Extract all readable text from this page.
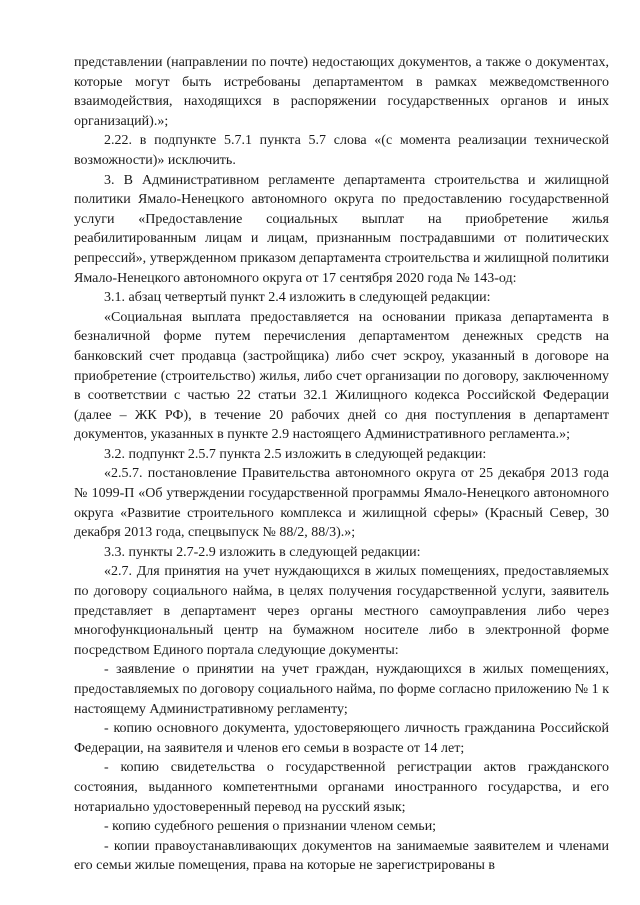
представлении (направлении по почте) недостающих документов, а также о документах, которые могут быть истребованы департаментом в рамках межведомственного взаимодействия, находящихся в распоряжении государственных органов и иных организаций).»;

2.22. в подпункте 5.7.1 пункта 5.7 слова «(с момента реализации технической возможности)» исключить.

3. В Административном регламенте департамента строительства и жилищной политики Ямало-Ненецкого автономного округа по предоставлению государственной услуги «Предоставление социальных выплат на приобретение жилья реабилитированным лицам и лицам, признанным пострадавшими от политических репрессий», утвержденном приказом департамента строительства и жилищной политики Ямало-Ненецкого автономного округа от 17 сентября 2020 года № 143-од:

3.1. абзац четвертый пункт 2.4 изложить в следующей редакции:

«Социальная выплата предоставляется на основании приказа департамента в безналичной форме путем перечисления департаментом денежных средств на банковский счет продавца (застройщика) либо счет эскроу, указанный в договоре на приобретение (строительство) жилья, либо счет организации по договору, заключенному в соответствии с частью 22 статьи 32.1 Жилищного кодекса Российской Федерации (далее – ЖК РФ), в течение 20 рабочих дней со дня поступления в департамент документов, указанных в пункте 2.9 настоящего Административного регламента.»;

3.2. подпункт 2.5.7 пункта 2.5 изложить в следующей редакции:

«2.5.7. постановление Правительства автономного округа от 25 декабря 2013 года № 1099-П «Об утверждении государственной программы Ямало-Ненецкого автономного округа «Развитие строительного комплекса и жилищной сферы» (Красный Север, 30 декабря 2013 года, спецвыпуск № 88/2, 88/3).»;

3.3. пункты 2.7-2.9 изложить в следующей редакции:

«2.7. Для принятия на учет нуждающихся в жилых помещениях, предоставляемых по договору социального найма, в целях получения государственной услуги, заявитель представляет в департамент через органы местного самоуправления либо через многофункциональный центр на бумажном носителе либо в электронной форме посредством Единого портала следующие документы:

- заявление о принятии на учет граждан, нуждающихся в жилых помещениях, предоставляемых по договору социального найма, по форме согласно приложению № 1 к настоящему Административному регламенту;

- копию основного документа, удостоверяющего личность гражданина Российской Федерации, на заявителя и членов его семьи в возрасте от 14 лет;

- копию свидетельства о государственной регистрации актов гражданского состояния, выданного компетентными органами иностранного государства, и его нотариально удостоверенный перевод на русский язык;

- копию судебного решения о признании членом семьи;

- копии правоустанавливающих документов на занимаемые заявителем и членами его семьи жилые помещения, права на которые не зарегистрированы в
